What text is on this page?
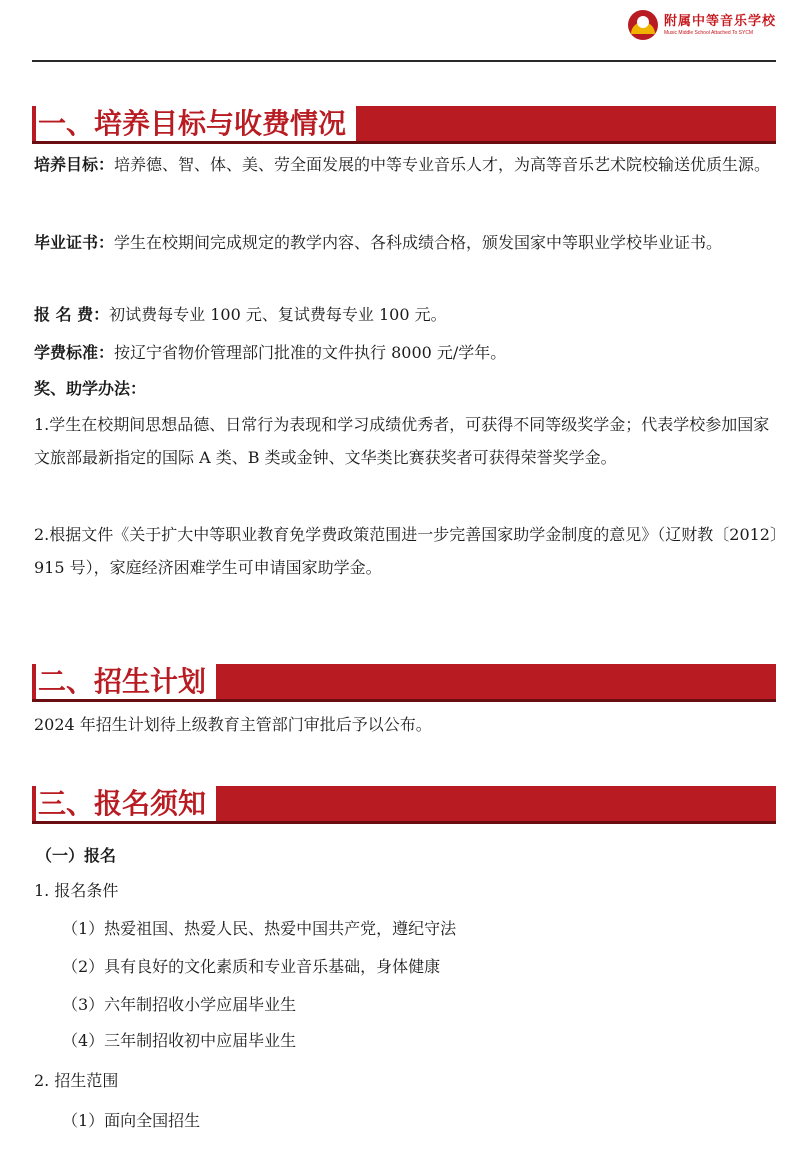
附属中等音乐学校
Music Middle School Attached To SYCM
一、培养目标与收费情况
培养目标：培养德、智、体、美、劳全面发展的中等专业音乐人才，为高等音乐艺术院校输送优质生源。
毕业证书：学生在校期间完成规定的教学内容、各科成绩合格，颁发国家中等职业学校毕业证书。
报 名 费：初试费每专业 100 元、复试费每专业 100 元。
学费标准：按辽宁省物价管理部门批准的文件执行 8000 元/学年。
奖、助学办法：
1.学生在校期间思想品德、日常行为表现和学习成绩优秀者，可获得不同等级奖学金；代表学校参加国家文旅部最新指定的国际 A 类、B 类或金钟、文华类比赛获奖者可获得荣誉奖学金。
2.根据文件《关于扩大中等职业教育免学费政策范围进一步完善国家助学金制度的意见》（辽财教〔2012〕915 号），家庭经济困难学生可申请国家助学金。
二、招生计划
2024 年招生计划待上级教育主管部门审批后予以公布。
三、报名须知
（一）报名
1. 报名条件
（1）热爱祖国、热爱人民、热爱中国共产党，遵纪守法
（2）具有良好的文化素质和专业音乐基础，身体健康
（3）六年制招收小学应届毕业生
（4）三年制招收初中应届毕业生
2. 招生范围
（1）面向全国招生
